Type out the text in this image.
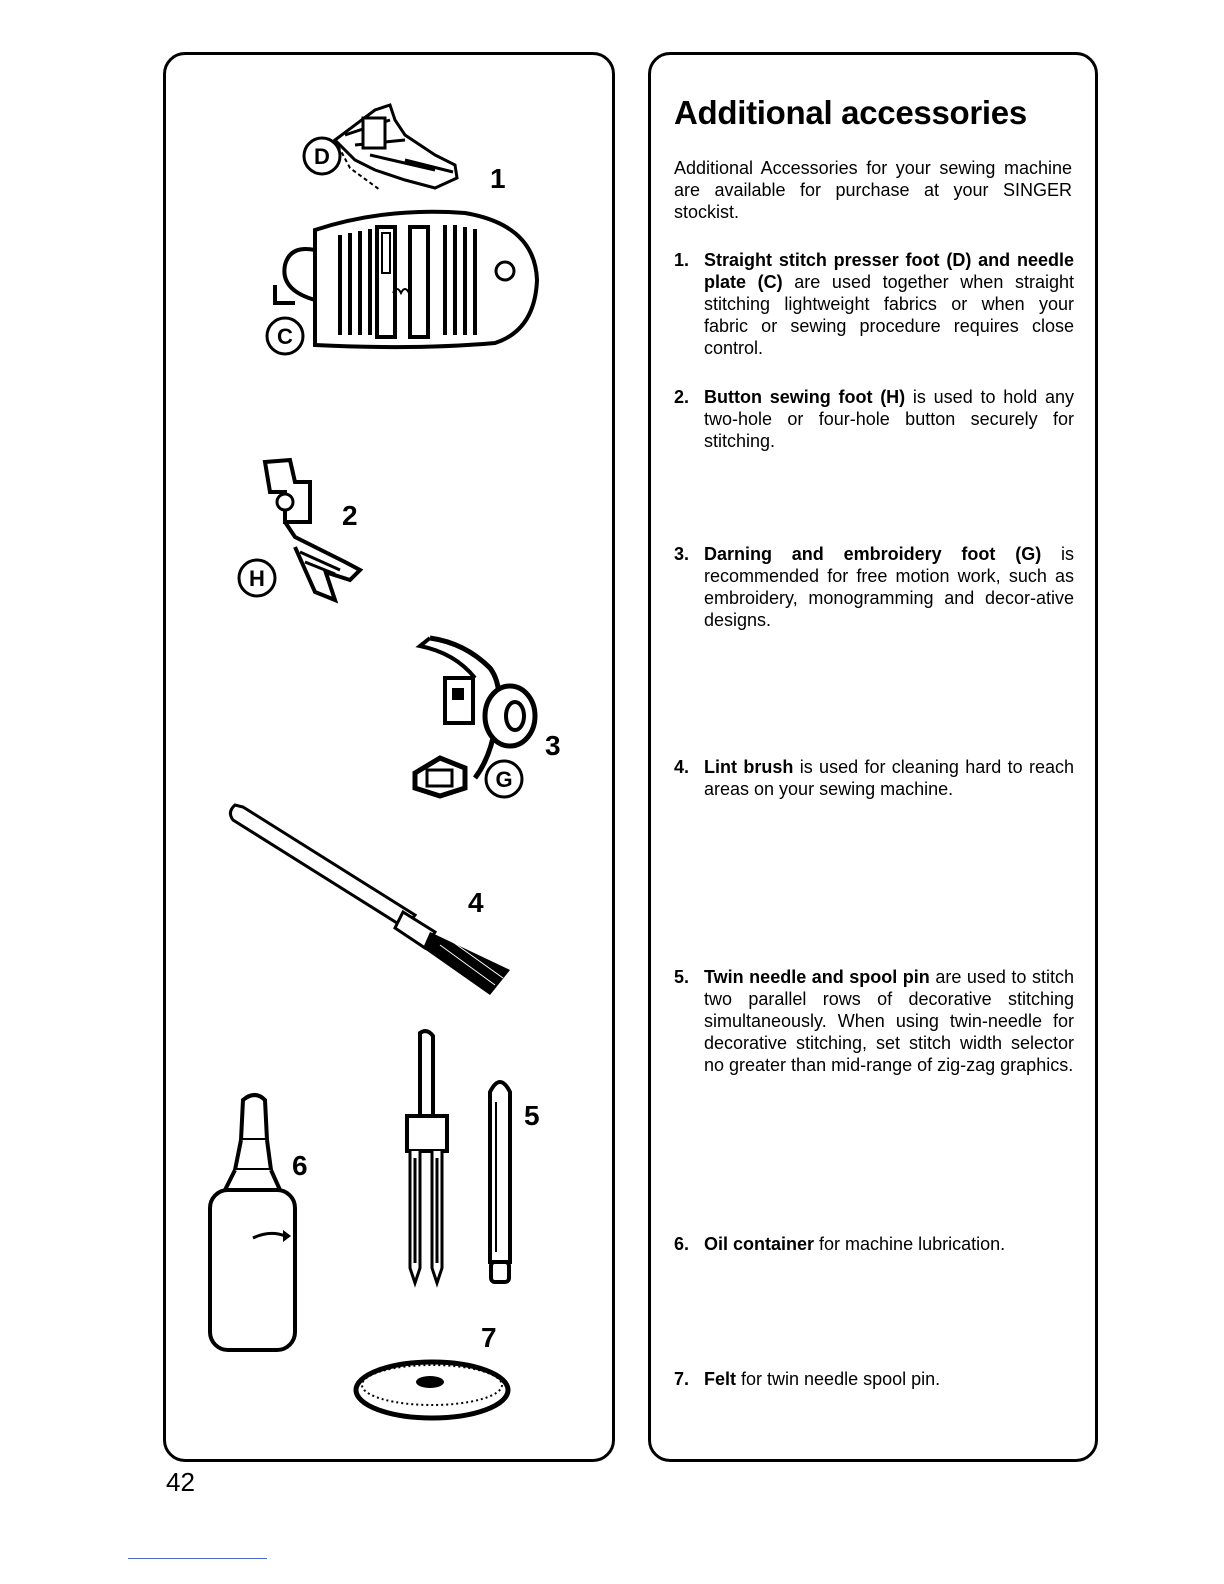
D
1
C
H
2
G
3
4
6
5
7
Additional accessories

Additional Accessories for your sewing machine are available for purchase at your SINGER stockist.

1. Straight stitch presser foot (D) and needle plate (C) are used together when straight stitching lightweight fabrics or when your fabric or sewing procedure requires close control.
2. Button sewing foot (H) is used to hold any two-hole or four-hole button securely for stitching.
3. Darning and embroidery foot (G) is recommended for free motion work, such as embroidery, monogramming and decor-ative designs.
4. Lint brush is used for cleaning hard to reach areas on your sewing machine.
5. Twin needle and spool pin are used to stitch two parallel rows of decorative stitching simultaneously. When using twin-needle for decorative stitching, set stitch width selector no greater than mid-range of zig-zag graphics.
6. Oil container for machine lubrication.
7. Felt for twin needle spool pin.
42
